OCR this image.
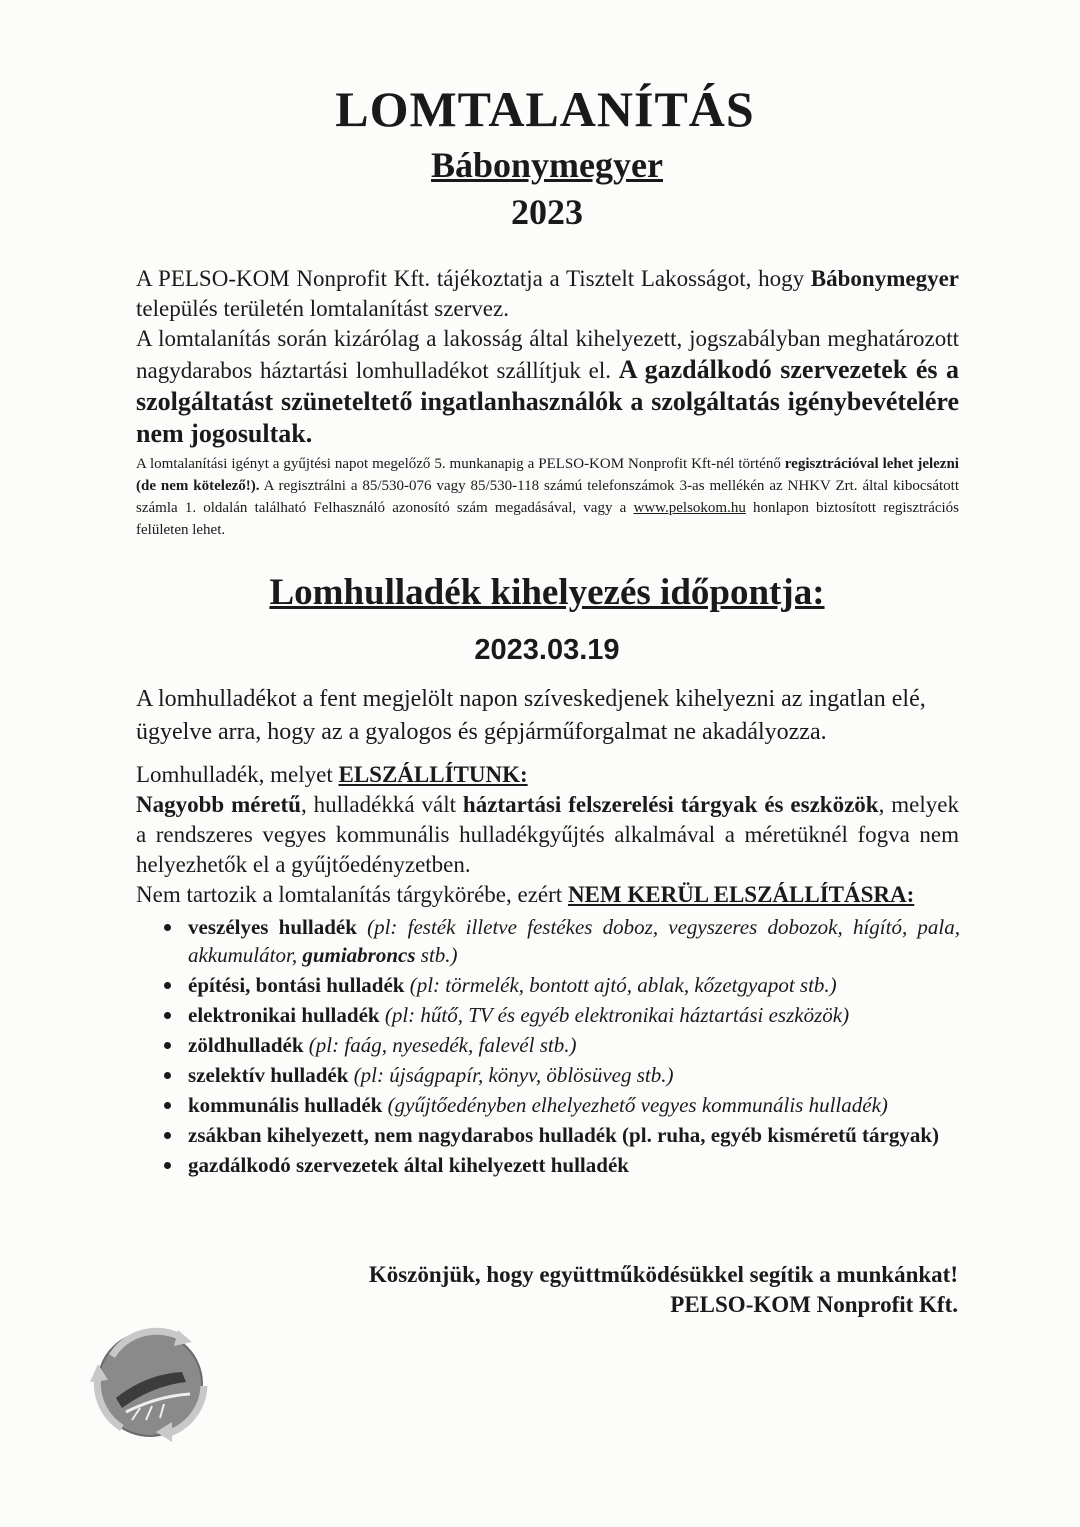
LOMTALANÍTÁS
Bábonymegyer
2023

A PELSO-KOM Nonprofit Kft. tájékoztatja a Tisztelt Lakosságot, hogy Bábonymegyer település területén lomtalanítást szervez.

A lomtalanítás során kizárólag a lakosság által kihelyezett, jogszabályban meghatározott nagydarabos háztartási lomhulladékot szállítjuk el. A gazdálkodó szervezetek és a szolgáltatást szüneteltető ingatlanhasználók a szolgáltatás igénybevételére nem jogosultak.

A lomtalanítási igényt a gyűjtési napot megelőző 5. munkanapig a PELSO-KOM Nonprofit Kft-nél történő regisztrációval lehet jelezni (de nem kötelező!). A regisztrálni a 85/530-076 vagy 85/530-118 számú telefonszámok 3-as mellékén az NHKV Zrt. által kibocsátott számla 1. oldalán található Felhasználó azonosító szám megadásával, vagy a www.pelsokom.hu honlapon biztosított regisztrációs felületen lehet.
Lomhulladék kihelyezés időpontja:
2023.03.19

A lomhulladékot a fent megjelölt napon szíveskedjenek kihelyezni az ingatlan elé, ügyelve arra, hogy az a gyalogos és gépjárműforgalmat ne akadályozza.

Lomhulladék, melyet ELSZÁLLÍTUNK:

Nagyobb méretű, hulladékká vált háztartási felszerelési tárgyak és eszközök, melyek a rendszeres vegyes kommunális hulladékgyűjtés alkalmával a méretüknél fogva nem helyezhetők el a gyűjtőedényzetben.

Nem tartozik a lomtalanítás tárgykörébe, ezért NEM KERÜL ELSZÁLLÍTÁSRA:

veszélyes hulladék (pl: festék illetve festékes doboz, vegyszeres dobozok, hígító, pala, akkumulátor, gumiabroncs stb.)
építési, bontási hulladék (pl: törmelék, bontott ajtó, ablak, kőzetgyapot stb.)
elektronikai hulladék (pl: hűtő, TV és egyéb elektronikai háztartási eszközök)
zöldhulladék (pl: faág, nyesedék, falevél stb.)
szelektív hulladék (pl: újságpapír, könyv, öblösüveg stb.)
kommunális hulladék (gyűjtőedényben elhelyezhető vegyes kommunális hulladék)
zsákban kihelyezett, nem nagydarabos hulladék (pl. ruha, egyéb kisméretű tárgyak)
gazdálkodó szervezetek által kihelyezett hulladék
Köszönjük, hogy együttműködésükkel segítik a munkánkat!
PELSO-KOM Nonprofit Kft.
